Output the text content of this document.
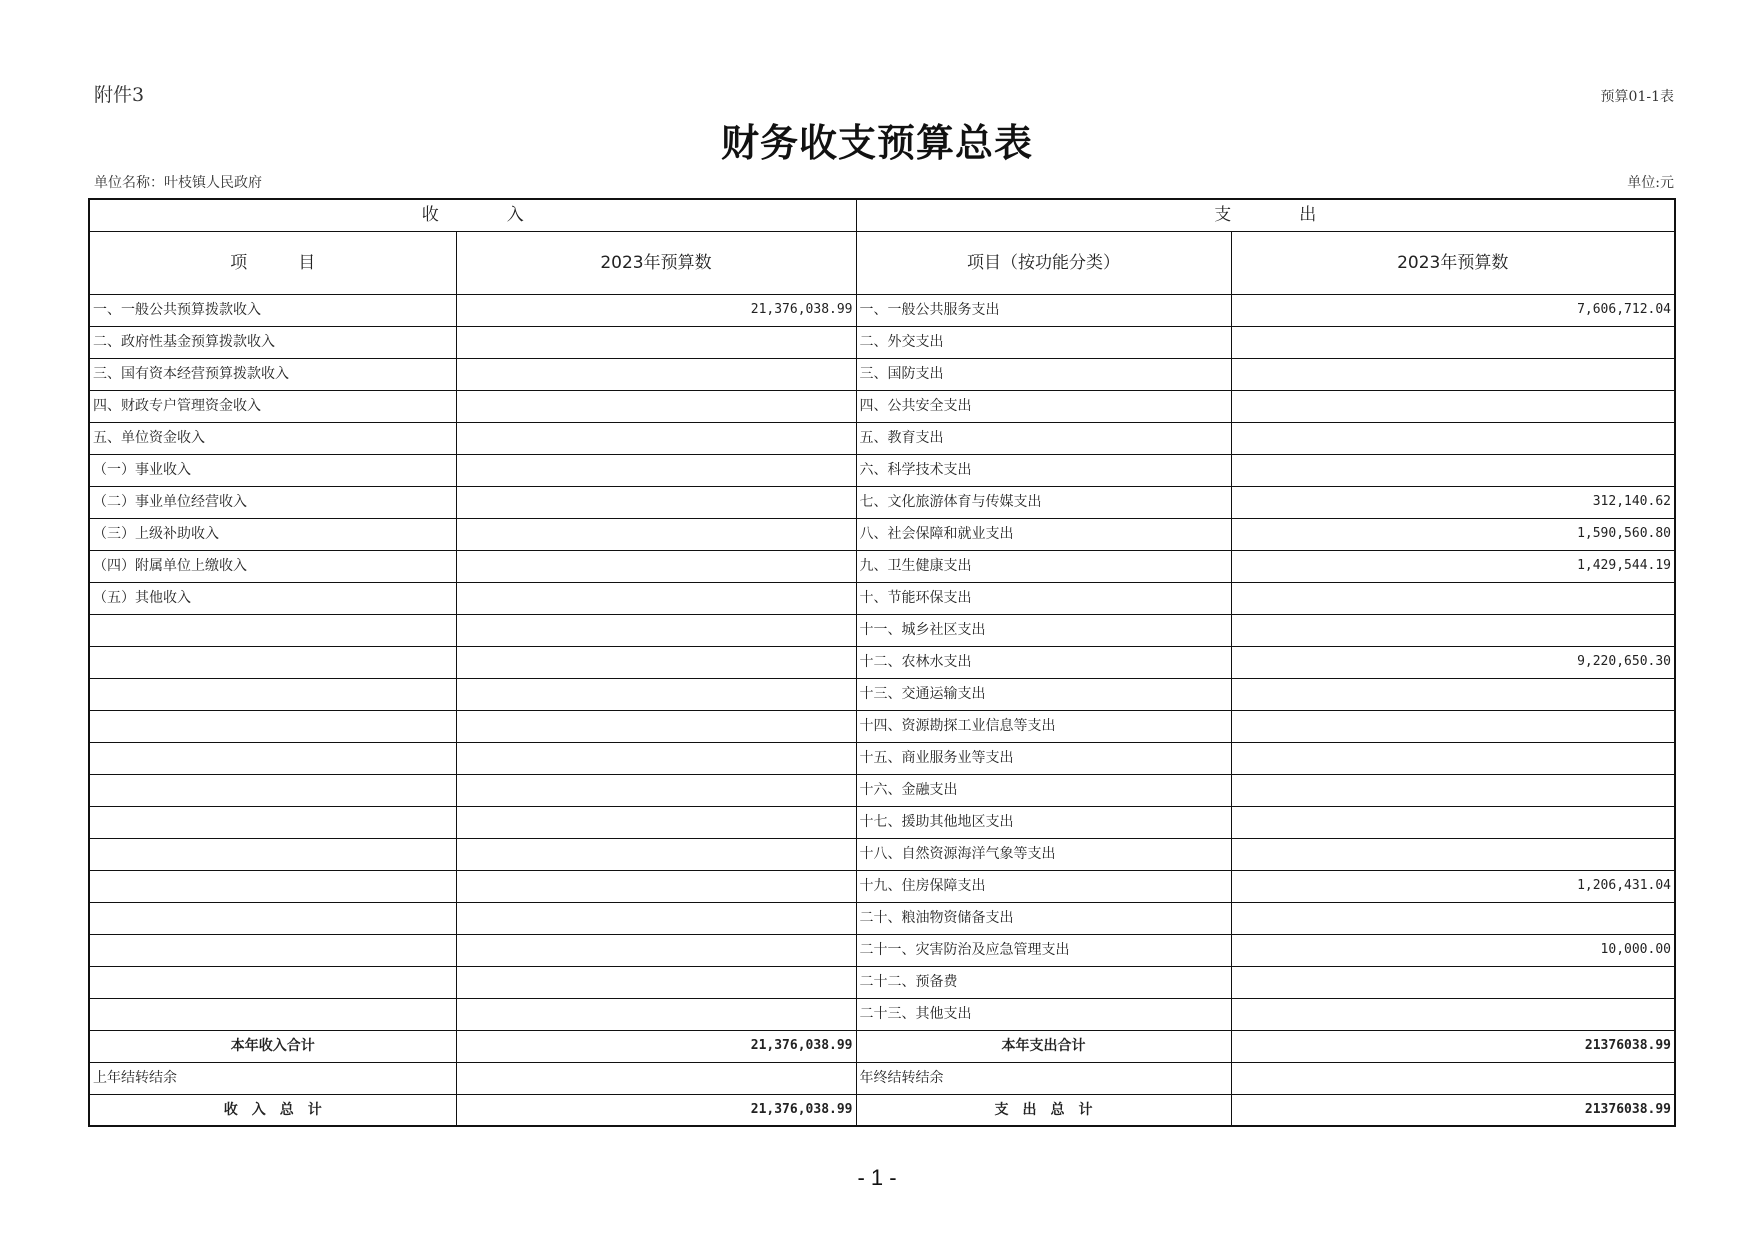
附件3	预算01-1表
财务收支预算总表
单位名称：叶枝镇人民政府	单位:元
收　　　　入		支　　　　出	
项　　　目	2023年预算数	项目（按功能分类）	2023年预算数
一、一般公共预算拨款收入	21,376,038.99	一、一般公共服务支出	7,606,712.04
二、政府性基金预算拨款收入		二、外交支出	
三、国有资本经营预算拨款收入		三、国防支出	
四、财政专户管理资金收入		四、公共安全支出	
五、单位资金收入		五、教育支出	
（一）事业收入		六、科学技术支出	
（二）事业单位经营收入		七、文化旅游体育与传媒支出	312,140.62
（三）上级补助收入		八、社会保障和就业支出	1,590,560.80
（四）附属单位上缴收入		九、卫生健康支出	1,429,544.19
（五）其他收入		十、节能环保支出	
		十一、城乡社区支出	
		十二、农林水支出	9,220,650.30
		十三、交通运输支出	
		十四、资源勘探工业信息等支出	
		十五、商业服务业等支出	
		十六、金融支出	
		十七、援助其他地区支出	
		十八、自然资源海洋气象等支出	
		十九、住房保障支出	1,206,431.04
		二十、粮油物资储备支出	
		二十一、灾害防治及应急管理支出	10,000.00
		二十二、预备费	
		二十三、其他支出	
本年收入合计	21,376,038.99	本年支出合计	21376038.99
上年结转结余		年终结转结余	
收　入　总　计	21,376,038.99	支　出　总　计	21376038.99
- 1 -
